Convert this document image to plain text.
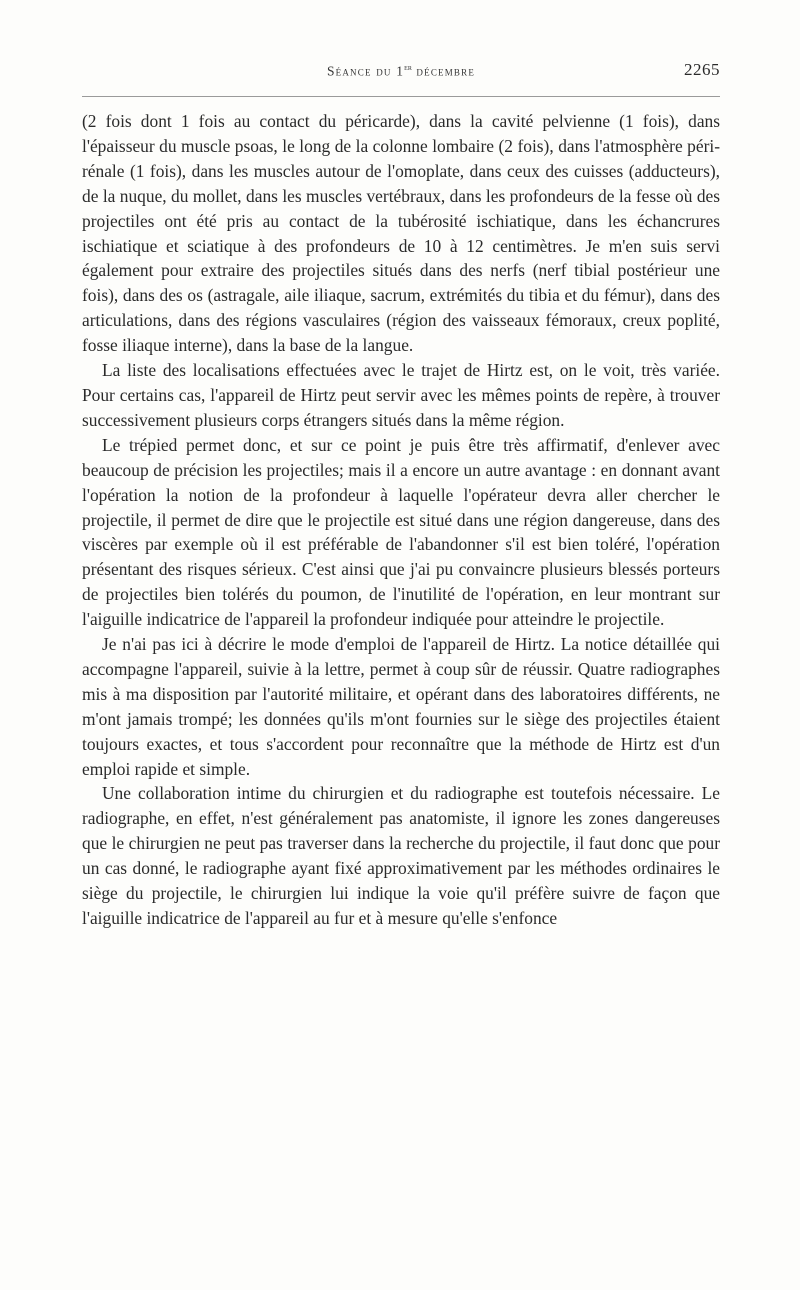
Séance du 1er décembre	2265

(2 fois dont 1 fois au contact du péricarde), dans la cavité pelvienne (1 fois), dans l'épaisseur du muscle psoas, le long de la colonne lombaire (2 fois), dans l'atmosphère péri-rénale (1 fois), dans les muscles autour de l'omoplate, dans ceux des cuisses (adducteurs), de la nuque, du mollet, dans les muscles vertébraux, dans les profondeurs de la fesse où des projectiles ont été pris au contact de la tubérosité ischiatique, dans les échancrures ischiatique et sciatique à des profondeurs de 10 à 12 centimètres. Je m'en suis servi également pour extraire des projectiles situés dans des nerfs (nerf tibial postérieur une fois), dans des os (astragale, aile iliaque, sacrum, extrémités du tibia et du fémur), dans des articulations, dans des régions vasculaires (région des vaisseaux fémoraux, creux poplité, fosse iliaque interne), dans la base de la langue.

La liste des localisations effectuées avec le trajet de Hirtz est, on le voit, très variée. Pour certains cas, l'appareil de Hirtz peut servir avec les mêmes points de repère, à trouver successivement plusieurs corps étrangers situés dans la même région.

Le trépied permet donc, et sur ce point je puis être très affirmatif, d'enlever avec beaucoup de précision les projectiles; mais il a encore un autre avantage : en donnant avant l'opération la notion de la profondeur à laquelle l'opérateur devra aller chercher le projectile, il permet de dire que le projectile est situé dans une région dangereuse, dans des viscères par exemple où il est préférable de l'abandonner s'il est bien toléré, l'opération présentant des risques sérieux. C'est ainsi que j'ai pu convaincre plusieurs blessés porteurs de projectiles bien tolérés du poumon, de l'inutilité de l'opération, en leur montrant sur l'aiguille indicatrice de l'appareil la profondeur indiquée pour atteindre le projectile.

Je n'ai pas ici à décrire le mode d'emploi de l'appareil de Hirtz. La notice détaillée qui accompagne l'appareil, suivie à la lettre, permet à coup sûr de réussir. Quatre radiographes mis à ma disposition par l'autorité militaire, et opérant dans des laboratoires différents, ne m'ont jamais trompé; les données qu'ils m'ont fournies sur le siège des projectiles étaient toujours exactes, et tous s'accordent pour reconnaître que la méthode de Hirtz est d'un emploi rapide et simple.

Une collaboration intime du chirurgien et du radiographe est toutefois nécessaire. Le radiographe, en effet, n'est généralement pas anatomiste, il ignore les zones dangereuses que le chirurgien ne peut pas traverser dans la recherche du projectile, il faut donc que pour un cas donné, le radiographe ayant fixé approximativement par les méthodes ordinaires le siège du projectile, le chirurgien lui indique la voie qu'il préfère suivre de façon que l'aiguille indicatrice de l'appareil au fur et à mesure qu'elle s'enfonce
